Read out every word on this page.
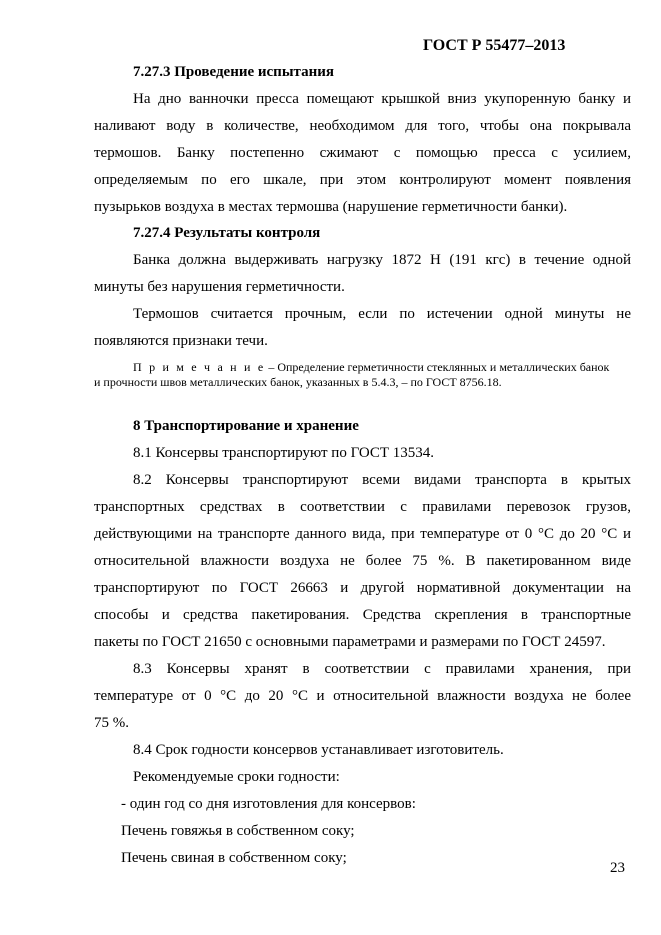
ГОСТ Р 55477–2013
7.27.3 Проведение испытания
На дно ванночки пресса помещают крышкой вниз укупоренную банку и
наливают воду в количестве, необходимом для того, чтобы она покрывала
термошов. Банку постепенно сжимают с помощью пресса с усилием,
определяемым по его шкале, при этом контролируют момент появления
пузырьков воздуха в местах термошва (нарушение герметичности банки).
7.27.4 Результаты контроля
Банка должна выдерживать нагрузку 1872 Н (191 кгс) в течение одной
минуты без нарушения герметичности.
Термошов считается прочным, если по истечении одной минуты не
появляются признаки течи.
П р и м е ч а н и е – Определение герметичности стеклянных и металлических банок
и прочности швов металлических банок, указанных в 5.4.3, – по ГОСТ 8756.18.
8 Транспортирование и хранение
8.1 Консервы транспортируют по ГОСТ 13534.
8.2 Консервы транспортируют всеми видами транспорта в крытых
транспортных средствах в соответствии с правилами перевозок грузов,
действующими на транспорте данного вида, при температуре от 0 °С до 20 °С и
относительной влажности воздуха не более 75 %. В пакетированном виде
транспортируют по ГОСТ 26663 и другой нормативной документации на
способы и средства пакетирования. Средства скрепления в транспортные
пакеты по ГОСТ 21650 с основными параметрами и размерами по ГОСТ 24597.
8.3 Консервы хранят в соответствии с правилами хранения, при
температуре от 0 °С до 20 °С и относительной влажности воздуха не более
75 %.
8.4 Срок годности консервов устанавливает изготовитель.
Рекомендуемые сроки годности:
- один год со дня изготовления для консервов:
Печень говяжья в собственном соку;
Печень свиная в собственном соку;
23
